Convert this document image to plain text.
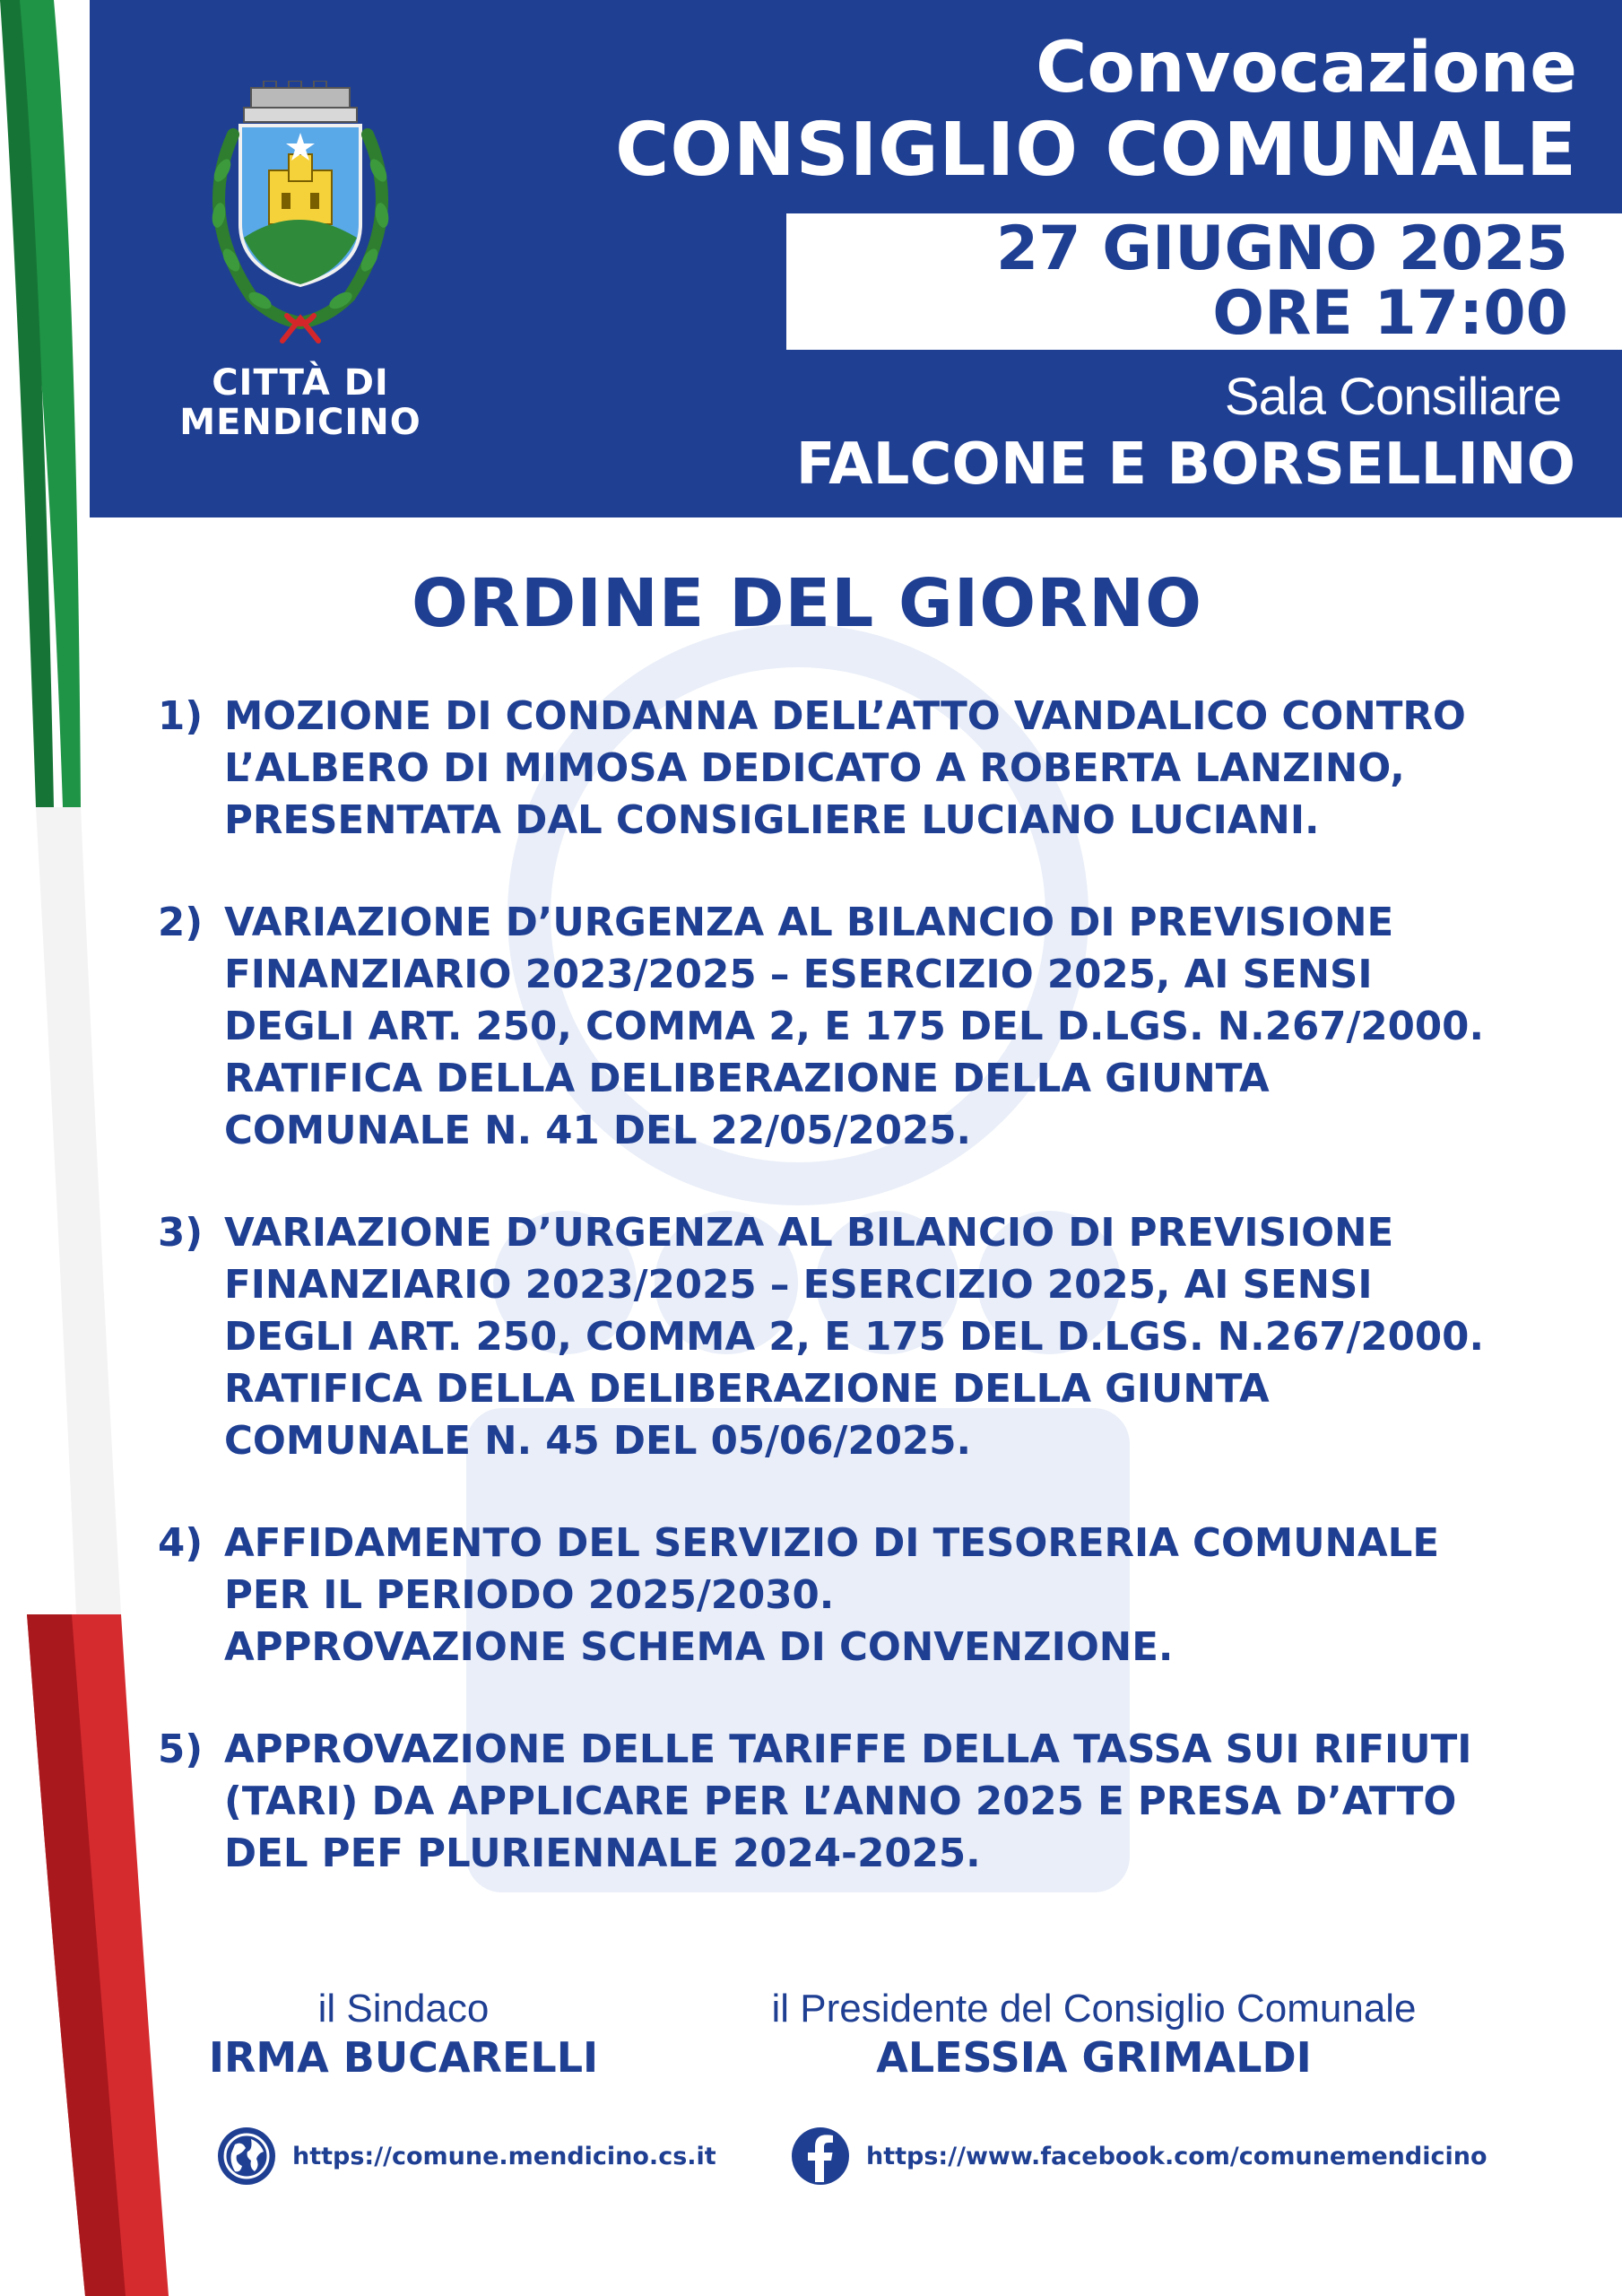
CITTÀ DI
MENDICINO
Convocazione
CONSIGLIO COMUNALE
27 GIUGNO 2025
ORE 17:00
Sala Consiliare
FALCONE E BORSELLINO
ORDINE DEL GIORNO
1) MOZIONE DI CONDANNA DELL’ATTO VANDALICO CONTRO
L’ALBERO DI MIMOSA DEDICATO A ROBERTA LANZINO,
PRESENTATA DAL CONSIGLIERE LUCIANO LUCIANI.
2) VARIAZIONE D’URGENZA AL BILANCIO DI PREVISIONE
FINANZIARIO 2023/2025 – ESERCIZIO 2025, AI SENSI
DEGLI ART. 250, COMMA 2, E 175 DEL D.LGS. N.267/2000.
RATIFICA DELLA DELIBERAZIONE DELLA GIUNTA
COMUNALE N. 41 DEL 22/05/2025.
3) VARIAZIONE D’URGENZA AL BILANCIO DI PREVISIONE
FINANZIARIO 2023/2025 – ESERCIZIO 2025, AI SENSI
DEGLI ART. 250, COMMA 2, E 175 DEL D.LGS. N.267/2000.
RATIFICA DELLA DELIBERAZIONE DELLA GIUNTA
COMUNALE N. 45 DEL 05/06/2025.
4) AFFIDAMENTO DEL SERVIZIO DI TESORERIA COMUNALE
PER IL PERIODO 2025/2030.
APPROVAZIONE SCHEMA DI CONVENZIONE.
5) APPROVAZIONE DELLE TARIFFE DELLA TASSA SUI RIFIUTI
(TARI) DA APPLICARE PER L’ANNO 2025 E PRESA D’ATTO
DEL PEF PLURIENNALE 2024-2025.
il Sindaco
IRMA BUCARELLI
il Presidente del Consiglio Comunale
ALESSIA GRIMALDI
https://comune.mendicino.cs.it	https://www.facebook.com/comunemendicino
